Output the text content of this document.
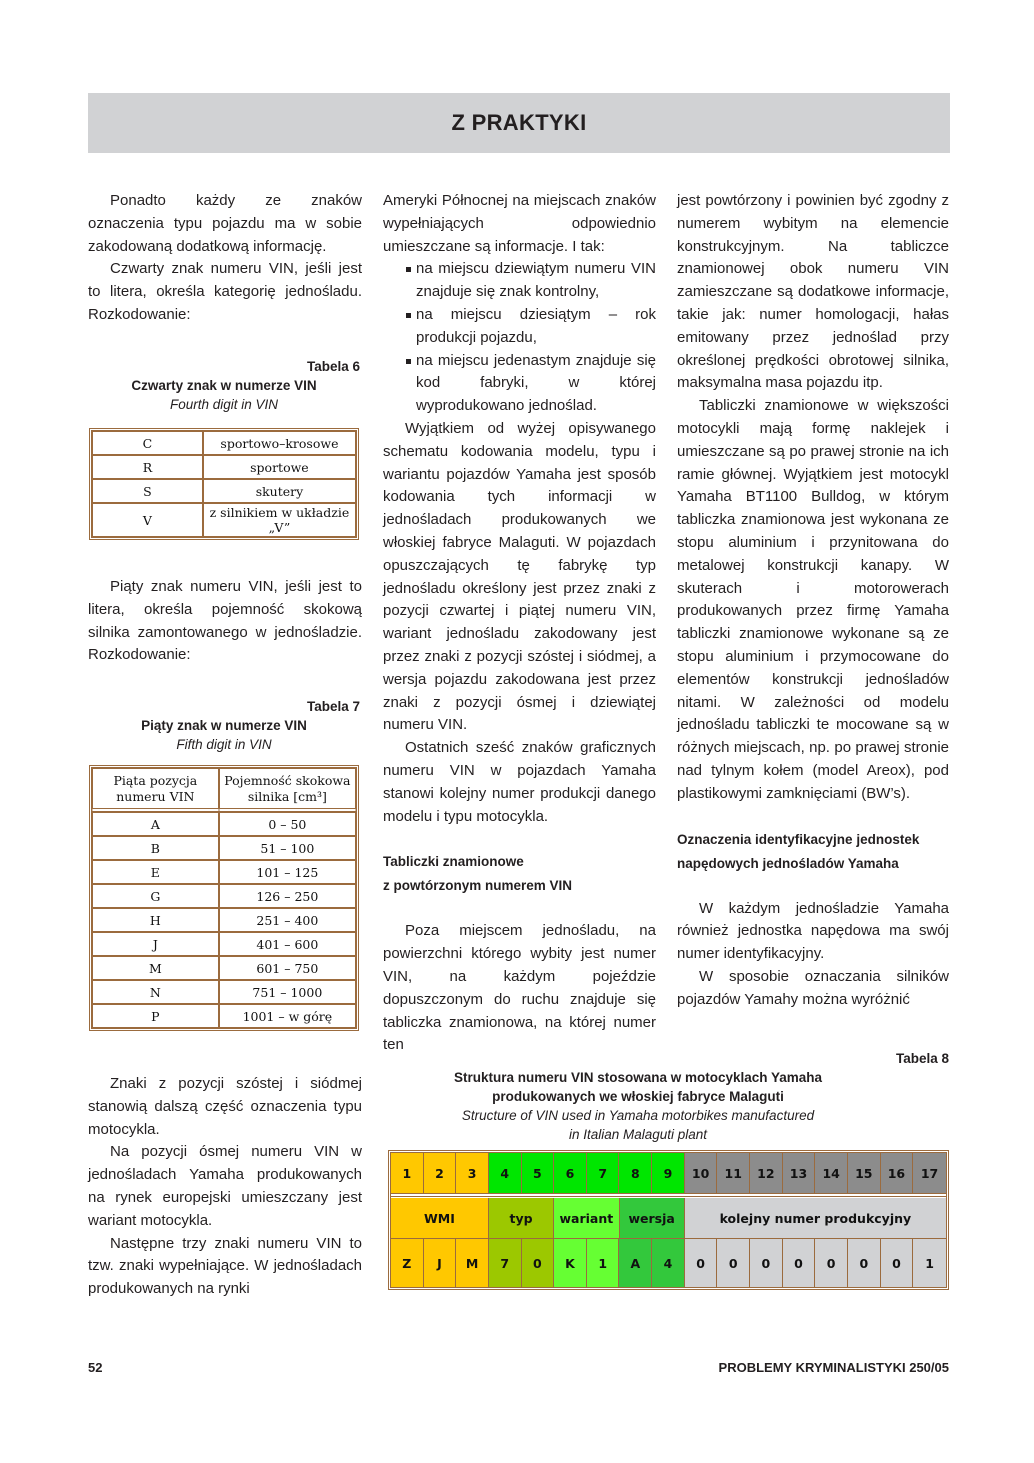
Z PRAKTYKI

Ponadto każdy ze znaków oznaczenia typu pojazdu ma w sobie zakodowaną dodatkową informację.

Czwarty znak numeru VIN, jeśli jest to litera, określa kategorię jednośladu. Rozkodowanie:

Tabela 6
Czwarty znak w numerze VIN
Fourth digit in VIN
C	sportowo–krosowe
R	sportowe
S	skutery
V	z silnikiem w układzie „V”

Piąty znak numeru VIN, jeśli jest to litera, określa pojemność skokową silnika zamontowanego w jednośladzie. Rozkodowanie:

Tabela 7
Piąty znak w numerze VIN
Fifth digit in VIN
Piąta pozycja numeru VIN	Pojemność skokowa silnika [cm³]
A	0 – 50
B	51 – 100
E	101 – 125
G	126 – 250
H	251 – 400
J	401 – 600
M	601 – 750
N	751 – 1000
P	1001 – w górę

Znaki z pozycji szóstej i siódmej stanowią dalszą część oznaczenia typu motocykla.

Na pozycji ósmej numeru VIN w jednośladach Yamaha produkowanych na rynek europejski umieszczany jest wariant motocykla.

Następne trzy znaki numeru VIN to tzw. znaki wypełniające. W jednośladach produkowanych na rynki

Ameryki Północnej na miejscach znaków wypełniających odpowiednio umieszczane są informacje. I tak:

na miejscu dziewiątym numeru VIN znajduje się znak kontrolny,
na miejscu dziesiątym – rok produkcji pojazdu,
na miejscu jedenastym znajduje się kod fabryki, w której wyprodukowano jednoślad.

Wyjątkiem od wyżej opisywanego schematu kodowania modelu, typu i wariantu pojazdów Yamaha jest sposób kodowania tych informacji w jednośladach produkowanych we włoskiej fabryce Malaguti. W pojazdach opuszczających tę fabrykę typ jednośladu określony jest przez znaki z pozycji czwartej i piątej numeru VIN, wariant jednośladu zakodowany jest przez znaki z pozycji szóstej i siódmej, a wersja pojazdu zakodowana jest przez znaki z pozycji ósmej i dziewiątej numeru VIN.

Ostatnich sześć znaków graficznych numeru VIN w pojazdach Yamaha stanowi kolejny numer produkcji danego modelu i typu motocykla.

Tabliczki znamionowe
z powtórzonym numerem VIN

Poza miejscem jednośladu, na powierzchni którego wybity jest numer VIN, na każdym pojeździe dopuszczonym do ruchu znajduje się tabliczka znamionowa, na której numer ten

jest powtórzony i powinien być zgodny z numerem wybitym na elemencie konstrukcyjnym. Na tabliczce znamionowej obok numeru VIN zamieszczane są dodatkowe informacje, takie jak: numer homologacji, hałas emitowany przez jednoślad przy określonej prędkości obrotowej silnika, maksymalna masa pojazdu itp.

Tabliczki znamionowe w większości motocykli mają formę naklejek i umieszczane są po prawej stronie na ich ramie głównej. Wyjątkiem jest motocykl Yamaha BT1100 Bulldog, w którym tabliczka znamionowa jest wykonana ze stopu aluminium i przynitowana do metalowej konstrukcji kanapy. W skuterach i motorowerach produkowanych przez firmę Yamaha tabliczki znamionowe wykonane są ze stopu aluminium i przymocowane do elementów konstrukcji jednośladów nitami. W zależności od modelu jednośladu tabliczki te mocowane są w różnych miejscach, np. po prawej stronie nad tylnym kołem (model Areox), pod plastikowymi zamknięciami (BW’s).

Oznaczenia identyfikacyjne jednostek
napędowych jednośladów Yamaha

W każdym jednośladzie Yamaha również jednostka napędowa ma swój numer identyfikacyjny.

W sposobie oznaczania silników pojazdów Yamahy można wyróżnić

Tabela 8
Struktura numeru VIN stosowana w motocyklach Yamaha
produkowanych we włoskiej fabryce Malaguti
Structure of VIN used in Yamaha motorbikes manufactured
in Italian Malaguti plant
1	2	3	4	5	6	7	8	9	10	11	12	13	14	15	16	17
WMI	typ	wariant	wersja	kolejny numer produkcyjny
Z	J	M	7	0	K	1	A	4	0	0	0	0	0	0	0	1
52	PROBLEMY KRYMINALISTYKI 250/05
